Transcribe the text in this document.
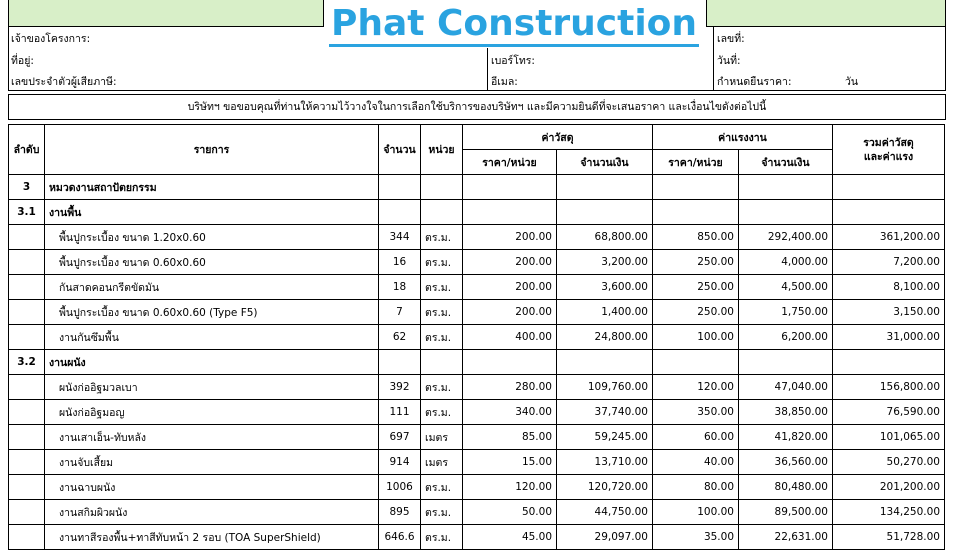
Phat Construction
เจ้าของโครงการ:
ที่อยู่:
เลขประจำตัวผู้เสียภาษี:
เบอร์โทร:
อีเมล:
เลขที่:
วันที่:
กำหนดยืนราคา:	วัน
บริษัทฯ ขอขอบคุณที่ท่านให้ความไว้วางใจในการเลือกใช้บริการของบริษัทฯ และมีความยินดีที่จะเสนอราคา และเงื่อนไขดังต่อไปนี้
ลำดับ	รายการ	จำนวน	หน่วย	ค่าวัสดุ		ค่าแรงงาน		รวมค่าวัสดุ
และค่าแรง

				ราคา/หน่วย	จำนวนเงิน	ราคา/หน่วย	จำนวนเงิน	
3	หมวดงานสถาปัตยกรรม							
3.1	งานพื้น							
	พื้นปูกระเบื้อง ขนาด 1.20x0.60	344	ตร.ม.	200.00	68,800.00	850.00	292,400.00	361,200.00
	พื้นปูกระเบื้อง ขนาด 0.60x0.60	16	ตร.ม.	200.00	3,200.00	250.00	4,000.00	7,200.00
	กันสาดคอนกรีตขัดมัน	18	ตร.ม.	200.00	3,600.00	250.00	4,500.00	8,100.00
	พื้นปูกระเบื้อง ขนาด 0.60x0.60 (Type F5)	7	ตร.ม.	200.00	1,400.00	250.00	1,750.00	3,150.00
	งานกันซึมพื้น	62	ตร.ม.	400.00	24,800.00	100.00	6,200.00	31,000.00
3.2	งานผนัง							
	ผนังก่ออิฐมวลเบา	392	ตร.ม.	280.00	109,760.00	120.00	47,040.00	156,800.00
	ผนังก่ออิฐมอญ	111	ตร.ม.	340.00	37,740.00	350.00	38,850.00	76,590.00
	งานเสาเอ็น-ทับหลัง	697	เมตร	85.00	59,245.00	60.00	41,820.00	101,065.00
	งานจับเสี้ยม	914	เมตร	15.00	13,710.00	40.00	36,560.00	50,270.00
	งานฉาบผนัง	1006	ตร.ม.	120.00	120,720.00	80.00	80,480.00	201,200.00
	งานสกิมผิวผนัง	895	ตร.ม.	50.00	44,750.00	100.00	89,500.00	134,250.00
	งานทาสีรองพื้น+ทาสีทับหน้า 2 รอบ (TOA SuperShield)	646.6	ตร.ม.	45.00	29,097.00	35.00	22,631.00	51,728.00
